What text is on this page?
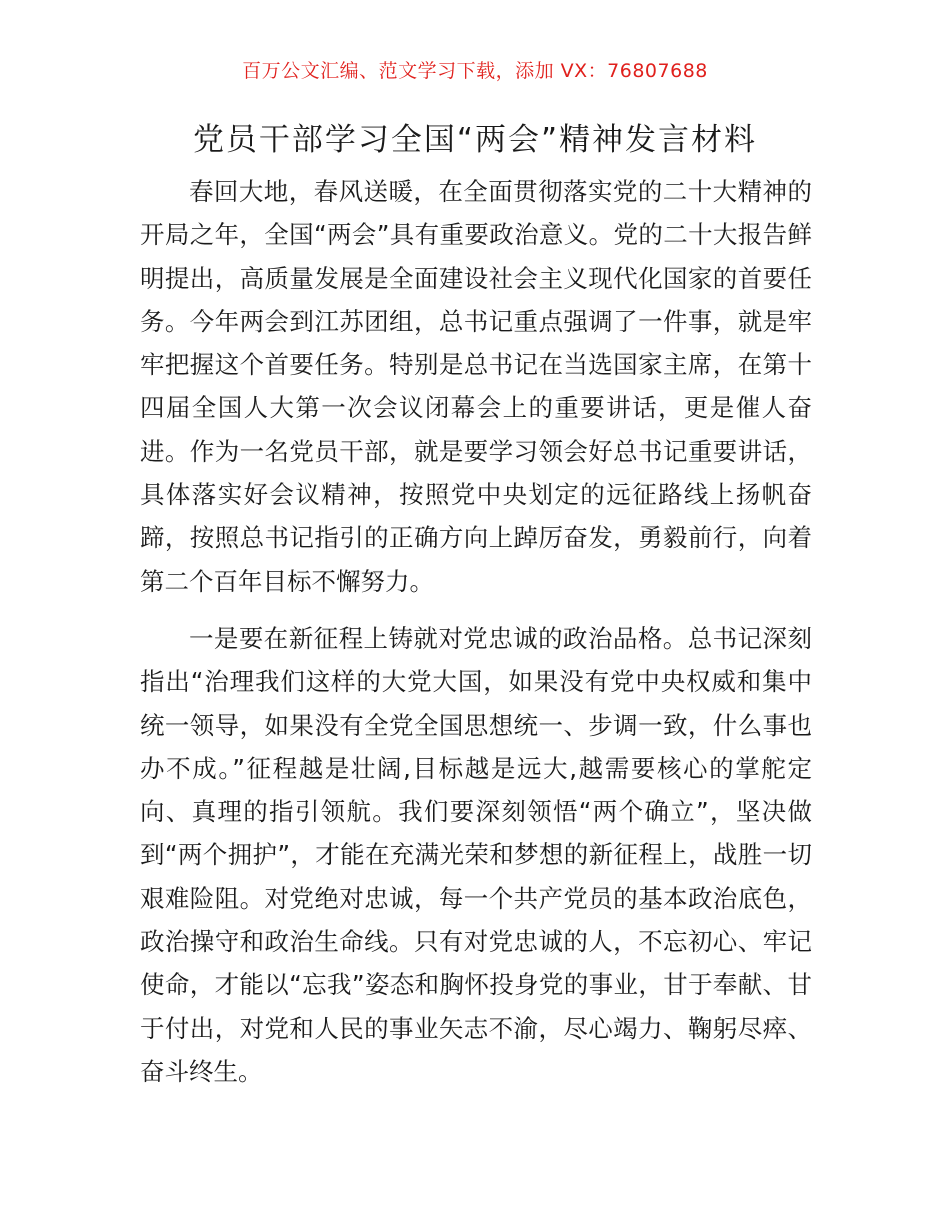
百万公文汇编、范文学习下载，添加 VX：76807688
党员干部学习全国“两会”精神发言材料

春回大地，春风送暖，在全面贯彻落实党的二十大精神的开局之年，全国“两会”具有重要政治意义。党的二十大报告鲜明提出，高质量发展是全面建设社会主义现代化国家的首要任务。今年两会到江苏团组，总书记重点强调了一件事，就是牢牢把握这个首要任务。特别是总书记在当选国家主席，在第十四届全国人大第一次会议闭幕会上的重要讲话，更是催人奋进。作为一名党员干部，就是要学习领会好总书记重要讲话，具体落实好会议精神，按照党中央划定的远征路线上扬帆奋蹄，按照总书记指引的正确方向上踔厉奋发，勇毅前行，向着第二个百年目标不懈努力。

一是要在新征程上铸就对党忠诚的政治品格。总书记深刻指出“治理我们这样的大党大国，如果没有党中央权威和集中统一领导，如果没有全党全国思想统一、步调一致，什么事也办不成。”征程越是壮阔,目标越是远大,越需要核心的掌舵定向、真理的指引领航。我们要深刻领悟“两个确立”，坚决做到“两个拥护”，才能在充满光荣和梦想的新征程上，战胜一切艰难险阻。对党绝对忠诚，每一个共产党员的基本政治底色，政治操守和政治生命线。只有对党忠诚的人，不忘初心、牢记使命，才能以“忘我”姿态和胸怀投身党的事业，甘于奉献、甘于付出，对党和人民的事业矢志不渝，尽心竭力、鞠躬尽瘁、奋斗终生。
